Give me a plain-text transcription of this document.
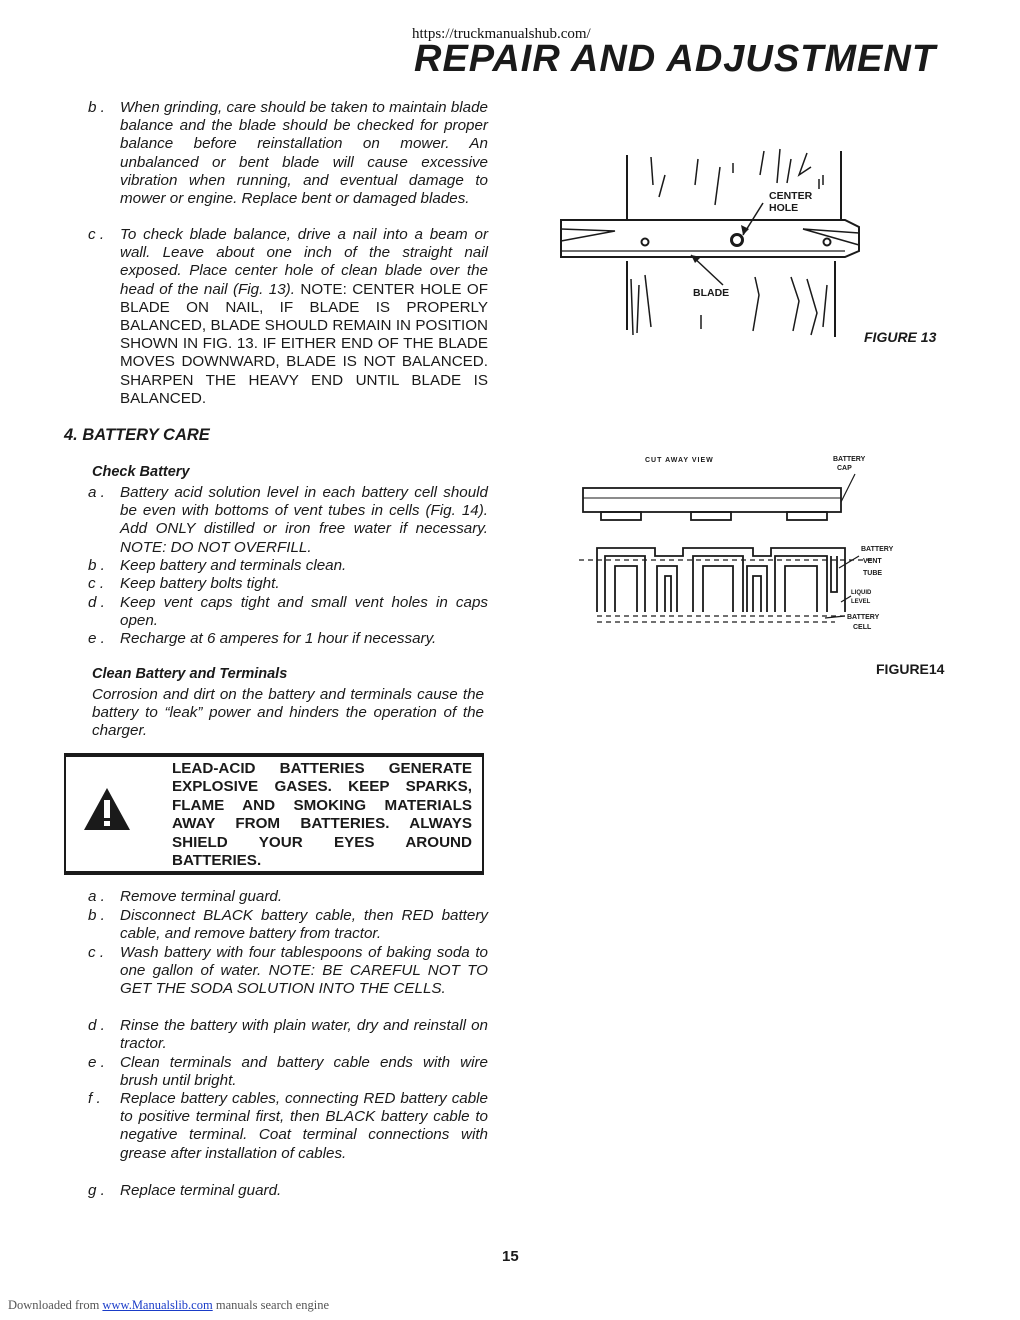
https://truckmanualshub.com/
REPAIR AND ADJUSTMENT
b . When grinding, care should be taken to maintain blade balance and the blade should be checked for proper balance before reinstallation on mower. An unbalanced or bent blade will cause excessive vibration when running, and eventual damage to mower or engine. Replace bent or damaged blades.
c . To check blade balance, drive a nail into a beam or wall. Leave about one inch of the straight nail exposed. Place center hole of clean blade over the head of the nail (Fig. 13). NOTE: CENTER HOLE OF BLADE ON NAIL, IF BLADE IS PROPERLY BALANCED, BLADE SHOULD REMAIN IN POSITION SHOWN IN FIG. 13. IF EITHER END OF THE BLADE MOVES DOWNWARD, BLADE IS NOT BALANCED. SHARPEN THE HEAVY END UNTIL BLADE IS BALANCED.
4. BATTERY CARE
Check Battery
a . Battery acid solution level in each battery cell should be even with bottoms of vent tubes in cells (Fig. 14). Add ONLY distilled or iron free water if necessary. NOTE: DO NOT OVERFILL.
b . Keep battery and terminals clean.
c . Keep battery bolts tight.
d . Keep vent caps tight and small vent holes in caps open.
e . Recharge at 6 amperes for 1 hour if necessary.
Clean Battery and Terminals
Corrosion and dirt on the battery and terminals cause the battery to “leak” power and hinders the operation of the charger.
LEAD-ACID BATTERIES GENERATE EXPLOSIVE GASES. KEEP SPARKS, FLAME AND SMOKING MATERIALS AWAY FROM BATTERIES. ALWAYS SHIELD YOUR EYES AROUND BATTERIES.
a . Remove terminal guard.
b . Disconnect BLACK battery cable, then RED battery cable, and remove battery from tractor.
c . Wash battery with four tablespoons of baking soda to one gallon of water. NOTE: BE CAREFUL NOT TO GET THE SODA SOLUTION INTO THE CELLS.
d . Rinse the battery with plain water, dry and reinstall on tractor.
e . Clean terminals and battery cable ends with wire brush until bright.
f . Replace battery cables, connecting RED battery cable to positive terminal first, then BLACK battery cable to negative terminal. Coat terminal connections with grease after installation of cables.
g . Replace terminal guard.
CENTER
HOLE
BLADE
FIGURE 13
CUT AWAY VIEW	BATTERY
CAP
BATTERY
VENT
TUBE
LIQUID
LEVEL
BATTERY
CELL
FIGURE14
15
Downloaded from www.Manualslib.com manuals search engine
